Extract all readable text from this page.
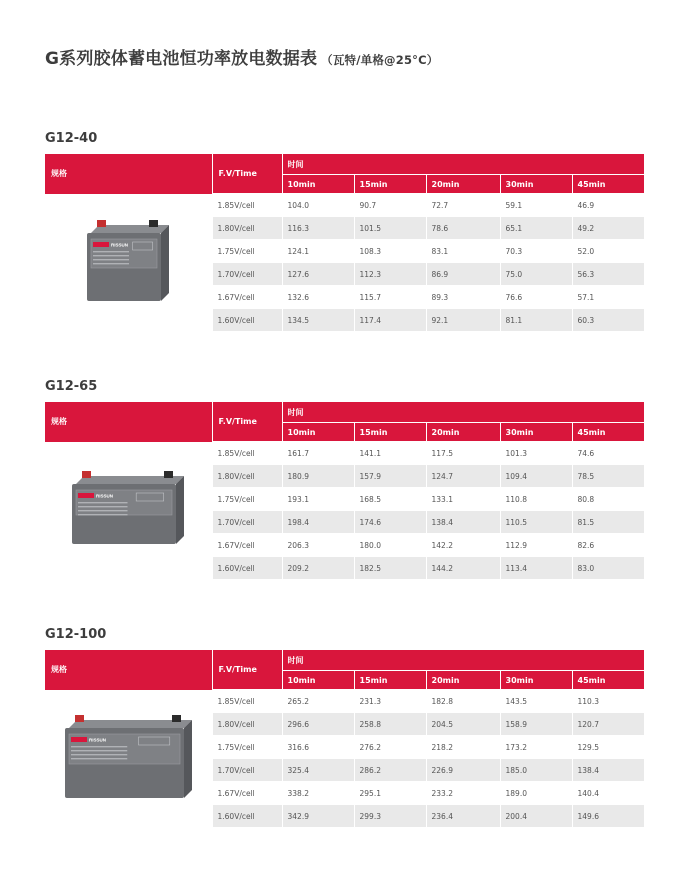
G系列胶体蓄电池恒功率放电数据表 （瓦特/单格@25°C）
G12-40
规格	F.V/Time	时间				
		10min	15min	20min	30min	45min

RISSUN	1.85V/cell	104.0	90.7	72.7	59.1	46.9
	1.80V/cell	116.3	101.5	78.6	65.1	49.2
	1.75V/cell	124.1	108.3	83.1	70.3	52.0
	1.70V/cell	127.6	112.3	86.9	75.0	56.3
	1.67V/cell	132.6	115.7	89.3	76.6	57.1
	1.60V/cell	134.5	117.4	92.1	81.1	60.3
G12-65
规格	F.V/Time	时间				
		10min	15min	20min	30min	45min

RISSUN	1.85V/cell	161.7	141.1	117.5	101.3	74.6
	1.80V/cell	180.9	157.9	124.7	109.4	78.5
	1.75V/cell	193.1	168.5	133.1	110.8	80.8
	1.70V/cell	198.4	174.6	138.4	110.5	81.5
	1.67V/cell	206.3	180.0	142.2	112.9	82.6
	1.60V/cell	209.2	182.5	144.2	113.4	83.0
G12-100
规格	F.V/Time	时间				
		10min	15min	20min	30min	45min

RISSUN	1.85V/cell	265.2	231.3	182.8	143.5	110.3
	1.80V/cell	296.6	258.8	204.5	158.9	120.7
	1.75V/cell	316.6	276.2	218.2	173.2	129.5
	1.70V/cell	325.4	286.2	226.9	185.0	138.4
	1.67V/cell	338.2	295.1	233.2	189.0	140.4
	1.60V/cell	342.9	299.3	236.4	200.4	149.6
